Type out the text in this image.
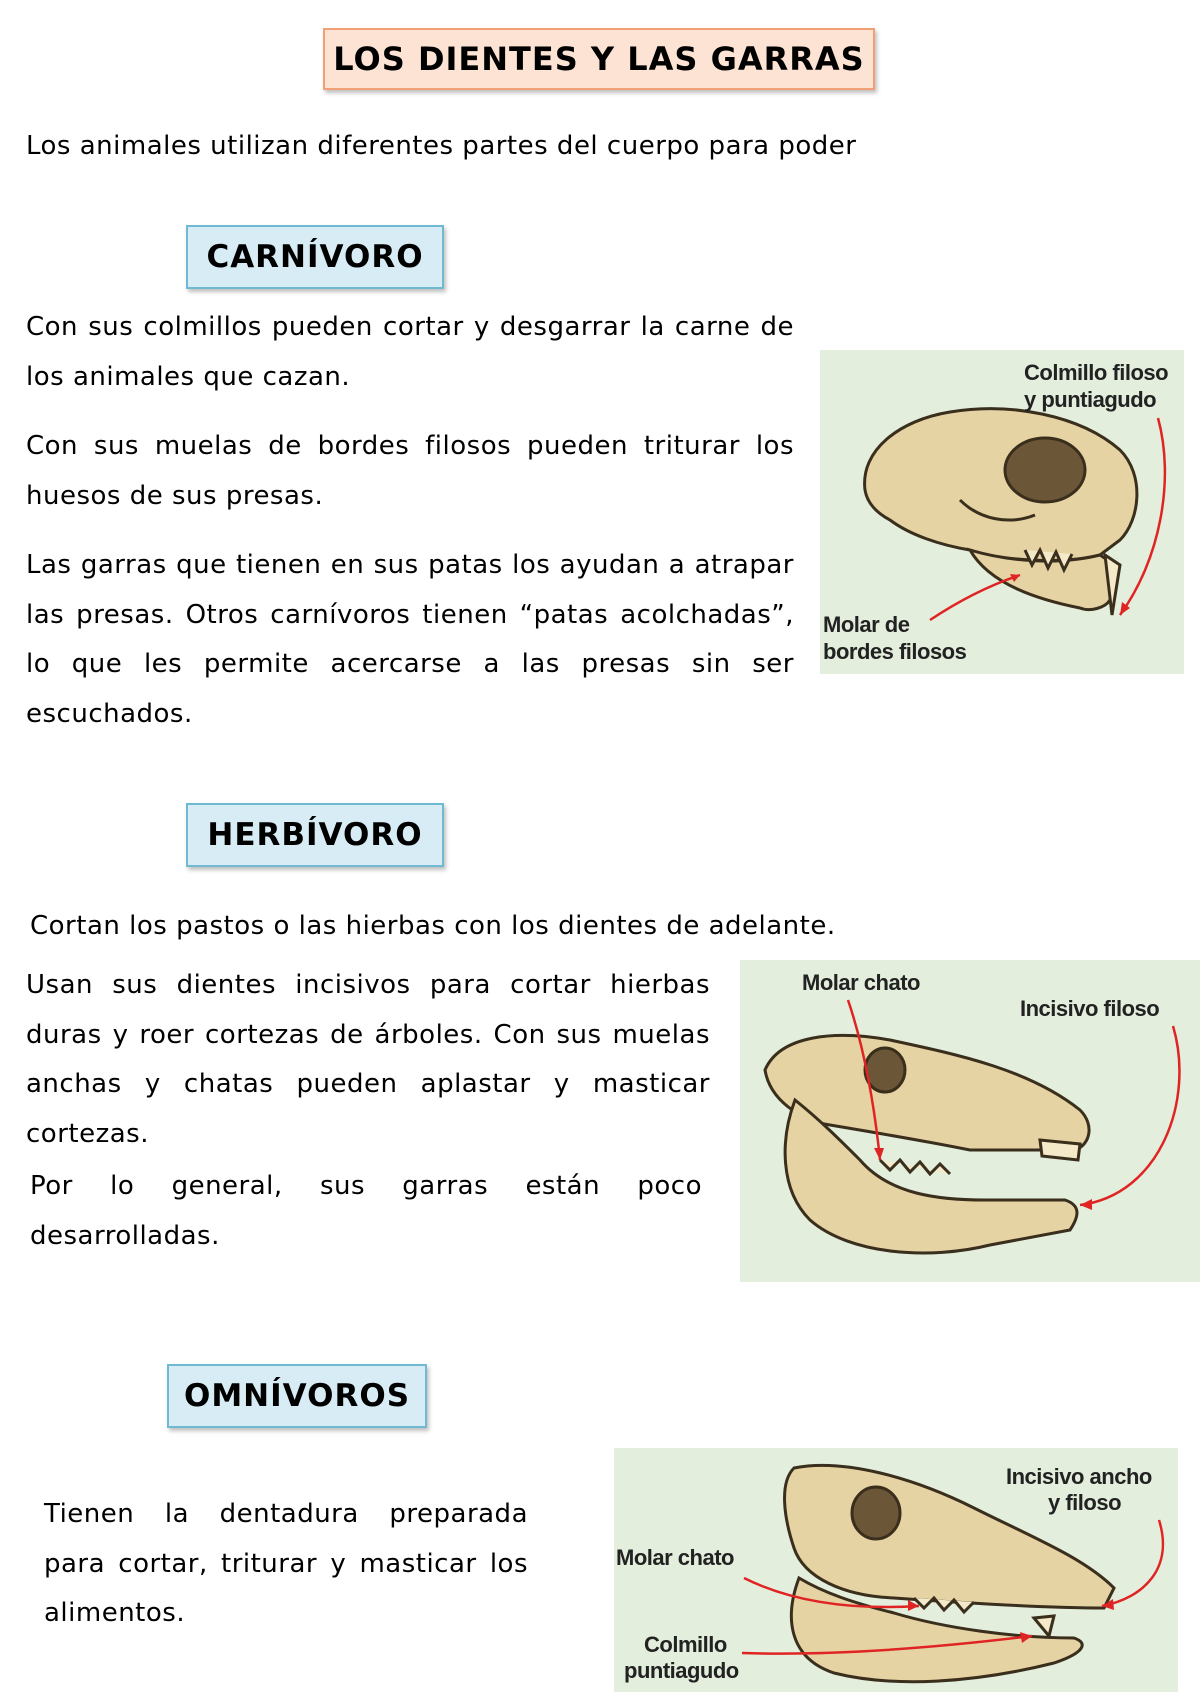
LOS DIENTES Y LAS GARRAS
Los animales utilizan diferentes partes del cuerpo para poder
CARNÍVORO
Con sus colmillos pueden cortar y desgarrar la carne de los animales que cazan.
Con sus muelas de bordes filosos pueden triturar los huesos de sus presas.
Las garras que tienen en sus patas los ayudan a atrapar las presas. Otros carnívoros tienen “patas acolchadas”, lo que les permite acercarse a las presas sin ser escuchados.
Colmillo filoso
y puntiagudo
Molar de
bordes filosos
HERBÍVORO
Cortan los pastos o las hierbas con los dientes de adelante.
Usan sus dientes incisivos para cortar hierbas duras y roer cortezas de árboles. Con sus muelas anchas y chatas pueden aplastar y masticar cortezas.
Por lo general, sus garras están poco desarrolladas.
Molar chato
Incisivo filoso
OMNÍVOROS
Tienen la dentadura preparada para cortar, triturar y masticar los alimentos.
Molar chato
Incisivo ancho
y filoso
Colmillo
puntiagudo
